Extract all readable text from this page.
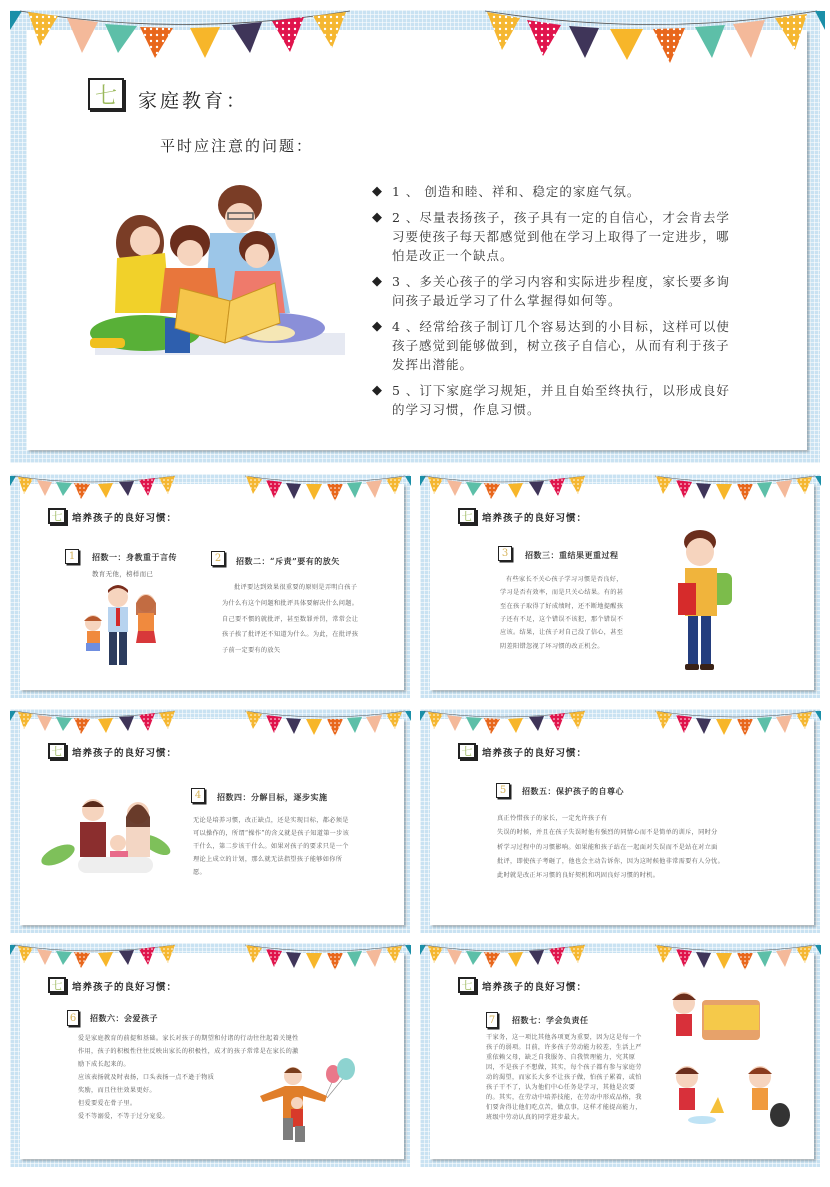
七 家庭教育：
平时应注意的问题：
◆ 1 、 创造和睦、祥和、稳定的家庭气氛。
◆ 2 、尽量表扬孩子，孩子具有一定的自信心，才会肯去学习要使孩子每天都感觉到他在学习上取得了一定进步，哪怕是改正一个缺点。
◆ 3 、多关心孩子的学习内容和实际进步程度，家长要多询问孩子最近学习了什么掌握得如何等。
◆ 4 、经常给孩子制订几个容易达到的小目标，这样可以使孩子感觉到能够做到，树立孩子自信心，从而有利于孩子发挥出潜能。
◆ 5 、订下家庭学习规矩，并且自始至终执行，以形成良好的学习习惯，作息习惯。
七 培养孩子的良好习惯：
1 招数一：身教重于言传
教育无他，榜样而已
2 招数二：“斥责”要有的放矢
批评要达到效果很重要的原则是弄明白孩子为什么有这个问题和批评具体要解决什么问题。自己要不惯的就批评，甚至数罪并罚，常常会让孩子挨了批评还不知道为什么。为此，在批评孩子前一定要有的放矢
七 培养孩子的良好习惯：
3 招数三：重结果更重过程
有些家长不关心孩子学习习惯是否良好，学习是否有效率，而是只关心结果。有的甚至在孩子取得了好成绩时，还不断地提醒孩子还有不足，这个错误不该犯，那个错误不应该。结果，让孩子对自己没了信心，甚至阴差阳错忽视了坏习惯的改正机会。
七 培养孩子的良好习惯：
4 招数四：分解目标，逐步实施
无论是培养习惯，改正缺点，还是实现目标，都必须是可以操作的，所谓“操作”的含义就是孩子知道第一步该干什么，第二步该干什么。如果对孩子的要求只是一个理论上成立的计划，那么就无法指望孩子能够如你所愿。
七 培养孩子的良好习惯：
5 招数五：保护孩子的自尊心
真正怜惜孩子的家长，一定允许孩子有
失误的时候，并且在孩子失误时他有强烈的同情心而不是简单的训斥，同时分
析学习过程中的习惯影响。如果能和孩子站在一起面对失误而不是站在对立面
批评，即使孩子考砸了，他也会主动告诉你，因为这时候他非常需要有人分忧。
此时就是改正坏习惯的良好契机和巩固良好习惯的时机。
七 培养孩子的良好习惯：
6 招数六：会爱孩子
爱是家庭教育的前提和基础。家长对孩子的期望和付诸的行动往往起着关键性
作用，孩子的积极性往往反映出家长的积极性，成才的孩子常常是在家长的激
励下成长起来的。
应该表扬就及时表扬，口头表扬一点不逊于物质
奖励，而且往往效果更好。
但爱要爱在骨子里。
爱不等溺爱，不等于过分宠爱。
七 培养孩子的良好习惯：
7 招数七：学会负责任
干家务，这一项比其他各项更为重要，因为这是每一个孩子的弱项。目前，许多孩子劳动能力较差，生活上严重依赖父母，缺乏自我服务、自我管理能力，究其原因，不是孩子不想做，其实，每个孩子都有参与家庭劳动的渴望，而家长大多不让孩子做，怕孩子累着，或怕孩子干不了，认为他们中心任务是学习，其他是次要的。其实，在劳动中培养技能，在劳动中形成品格，我们要舍得让他们吃点苦，做点事，这样才能提高能力，班级中劳动认真的同学进步最大。
